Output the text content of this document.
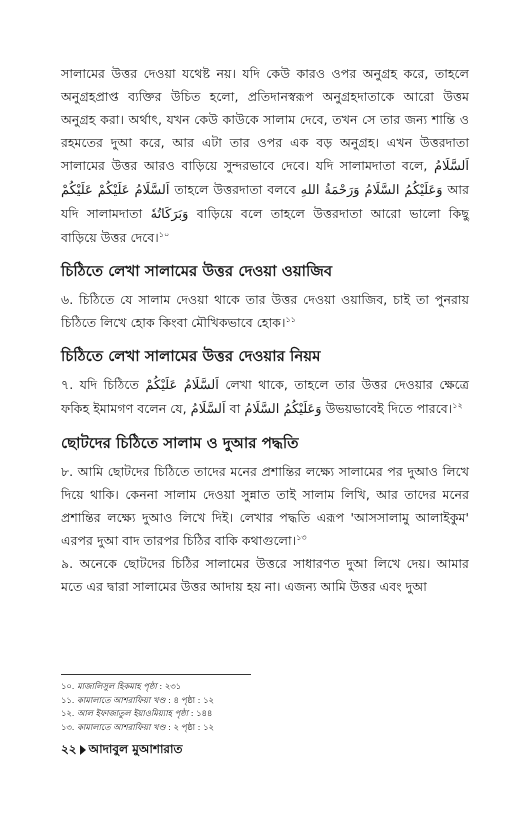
সালামের উত্তর দেওয়া যথেষ্ট নয়। যদি কেউ কারও ওপর অনুগ্রহ করে, তাহলে অনুগ্রহপ্রাপ্ত ব্যক্তির উচিত হলো, প্রতিদানস্বরূপ অনুগ্রহদাতাকে আরো উত্তম অনুগ্রহ করা। অর্থাৎ, যখন কেউ কাউকে সালাম দেবে, তখন সে তার জন্য শান্তি ও রহমতের দুআ করে, আর এটা তার ওপর এক বড় অনুগ্রহ। এখন উত্তরদাতা সালামের উত্তর আরও বাড়িয়ে সুন্দরভাবে দেবে। যদি সালামদাতা বলে, اَلسَّلَامُ عَلَيْكُمْ اَلسَّلَامُ عَلَيْكُمْ তাহলে উত্তরদাতা বলবে وَعَلَيْكُمُ السَّلَامُ وَرَحْمَةُ اللهِ আর যদি সালামদাতা وَبَرَكَاتُهٗ বাড়িয়ে বলে তাহলে উত্তরদাতা আরো ভালো কিছু বাড়িয়ে উত্তর দেবে।$^{১০}$

চিঠিতে লেখা সালামের উত্তর দেওয়া ওয়াজিব

৬. চিঠিতে যে সালাম দেওয়া থাকে তার উত্তর দেওয়া ওয়াজিব, চাই তা পুনরায় চিঠিতে লিখে হোক কিংবা মৌখিকভাবে হোক।$^{১১}$

চিঠিতে লেখা সালামের উত্তর দেওয়ার নিয়ম

৭. যদি চিঠিতে اَلسَّلَامُ عَلَيْكُمْ লেখা থাকে, তাহলে তার উত্তর দেওয়ার ক্ষেত্রে ফকিহ ইমামগণ বলেন যে, اَلسَّلَامُ বা وَعَلَيْكُمُ السَّلَامُ উভয়ভাবেই দিতে পারবে।$^{১২}$

ছোটদের চিঠিতে সালাম ও দুআর পদ্ধতি

৮. আমি ছোটদের চিঠিতে তাদের মনের প্রশান্তির লক্ষ্যে সালামের পর দুআও লিখে দিয়ে থাকি। কেননা সালাম দেওয়া সুন্নাত তাই সালাম লিখি, আর তাদের মনের প্রশান্তির লক্ষ্যে দুআও লিখে দিই। লেখার পদ্ধতি এরূপ 'আসসালামু আলাইকুম' এরপর দুআ বাদ তারপর চিঠির বাকি কথাগুলো।$^{১৩}$

৯. অনেকে ছোটদের চিঠির সালামের উত্তরে সাধারণত দুআ লিখে দেয়। আমার মতে এর দ্বারা সালামের উত্তর আদায় হয় না। এজন্য আমি উত্তর এবং দুআ

১০. মাজালিসুল হিকমাহ পৃষ্ঠা : ২৩১
১১. কামালাতে আশরাফিয়া খণ্ড : ৪ পৃষ্ঠা : ১২
১২. আল ইফাজাতুল ইয়াওমিয়্যাহ পৃষ্ঠা : ১৪৪
১৩. কামালাতে আশরাফিয়া খণ্ড : ২ পৃষ্ঠা : ১২
২২ আদাবুল মুআশারাত
